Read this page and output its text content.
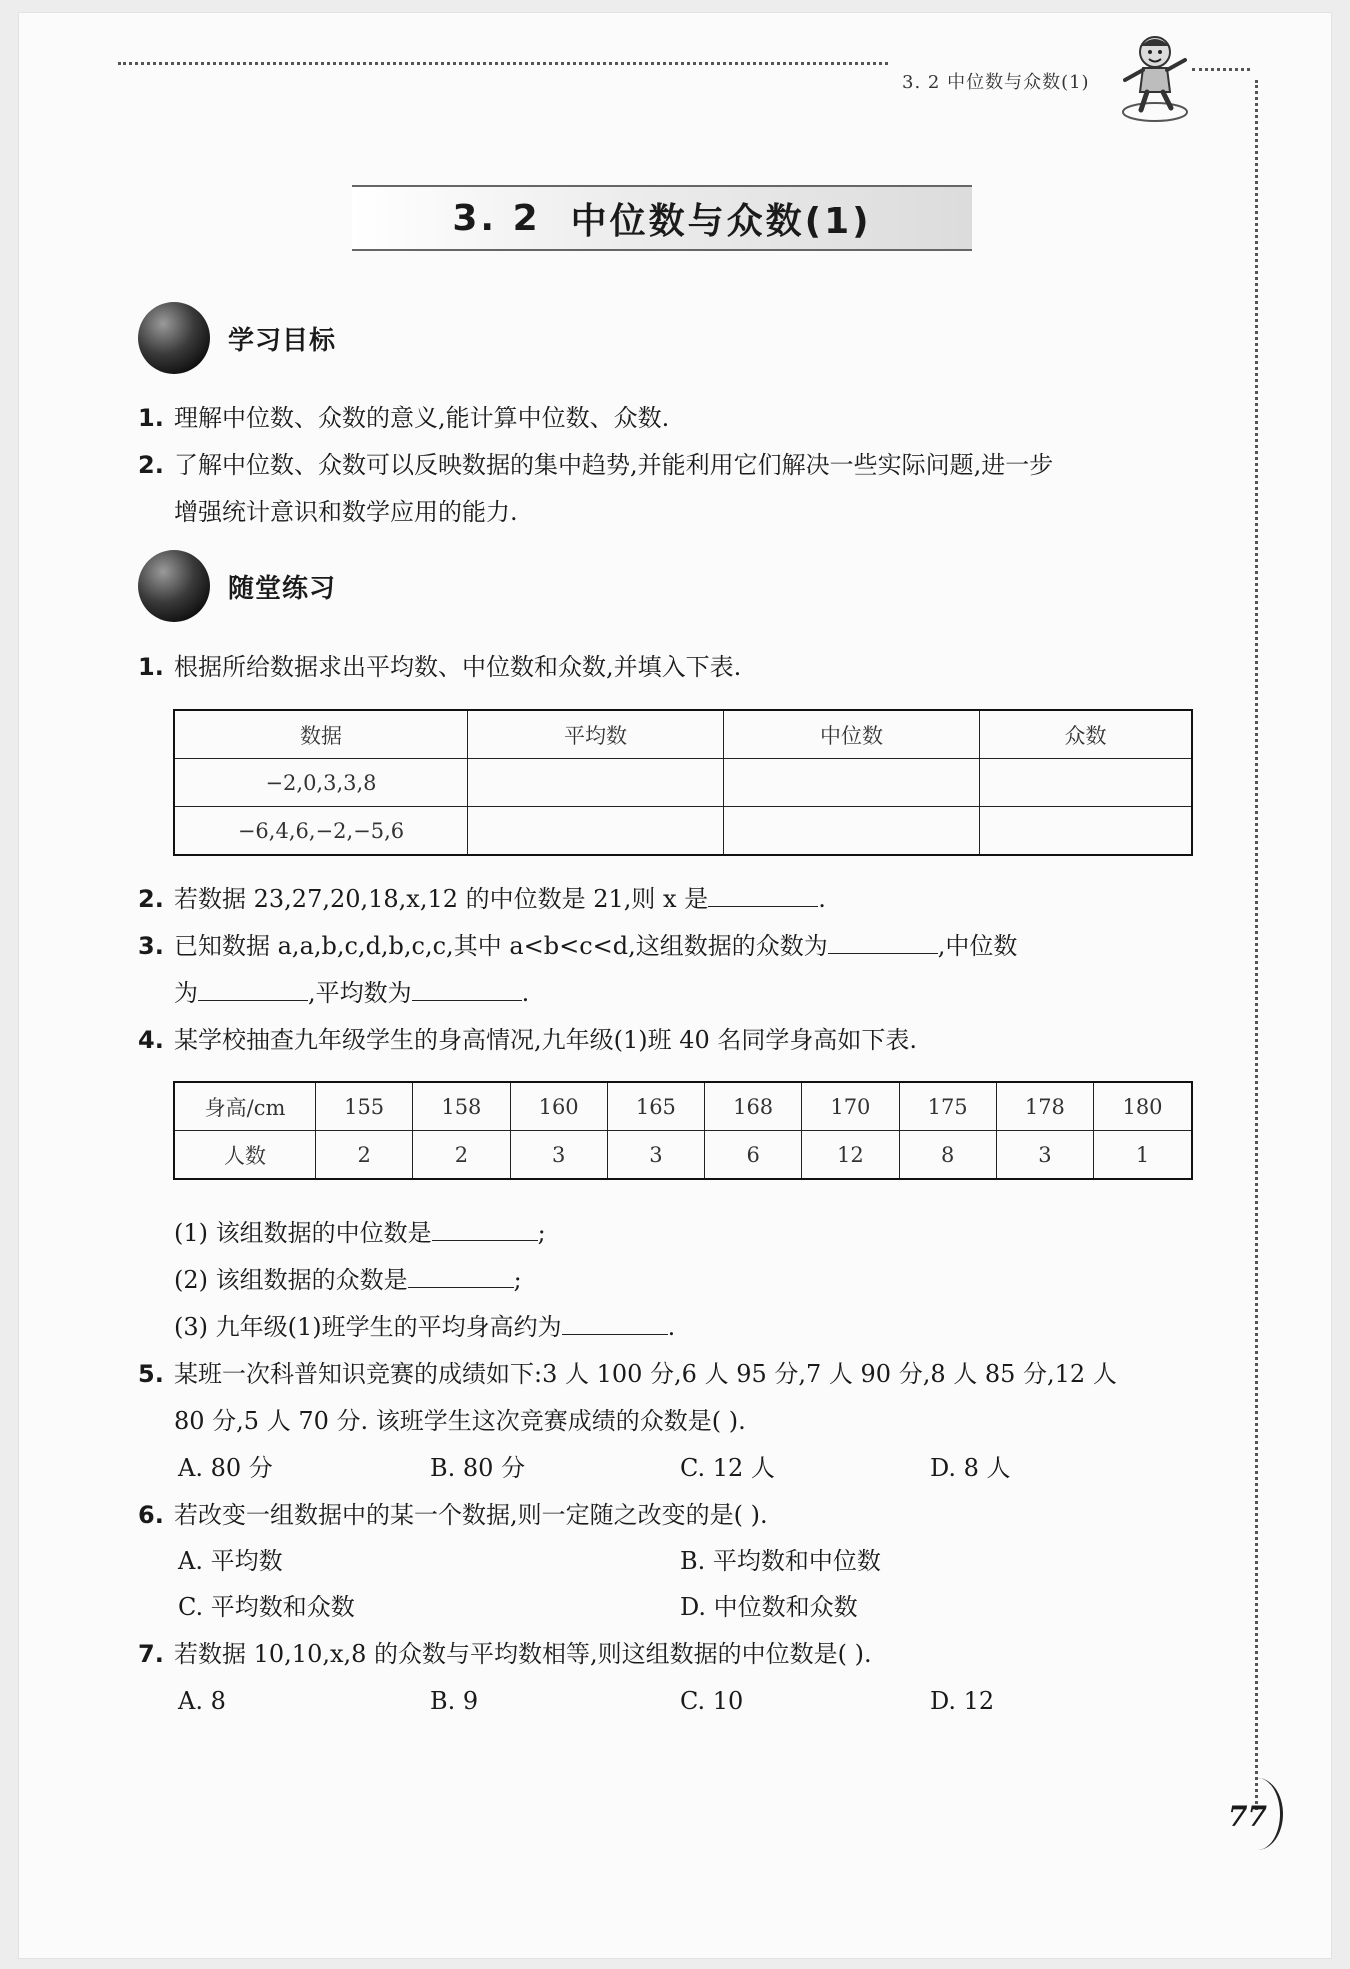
3. 2 中位数与众数(1)
3. 2 中位数与众数(1)
学习目标
1. 理解中位数、众数的意义,能计算中位数、众数.
2. 了解中位数、众数可以反映数据的集中趋势,并能利用它们解决一些实际问题,进一步
增强统计意识和数学应用的能力.
随堂练习
1. 根据所给数据求出平均数、中位数和众数,并填入下表.
数据	平均数	中位数	众数
−2,0,3,3,8			
−6,4,6,−2,−5,6			
2. 若数据 23,27,20,18,x,12 的中位数是 21,则 x 是	.
3. 已知数据 a,a,b,c,d,b,c,c,其中 a<b<c<d,这组数据的众数为	,中位数
为	,平均数为	.
4. 某学校抽查九年级学生的身高情况,九年级(1)班 40 名同学身高如下表.
身高/cm	155	158	160	165	168	170	175	178	180
人数	2	2	3	3	6	12	8	3	1
(1) 该组数据的中位数是	;
(2) 该组数据的众数是	;
(3) 九年级(1)班学生的平均身高约为	.
5. 某班一次科普知识竞赛的成绩如下:3 人 100 分,6 人 95 分,7 人 90 分,8 人 85 分,12 人
80 分,5 人 70 分. 该班学生这次竞赛成绩的众数是( ).
A. 80 分	B. 80 分	C. 12 人	D. 8 人
6. 若改变一组数据中的某一个数据,则一定随之改变的是( ).
A. 平均数	B. 平均数和中位数
C. 平均数和众数	D. 中位数和众数
7. 若数据 10,10,x,8 的众数与平均数相等,则这组数据的中位数是( ).
A. 8	B. 9	C. 10	D. 12
77
